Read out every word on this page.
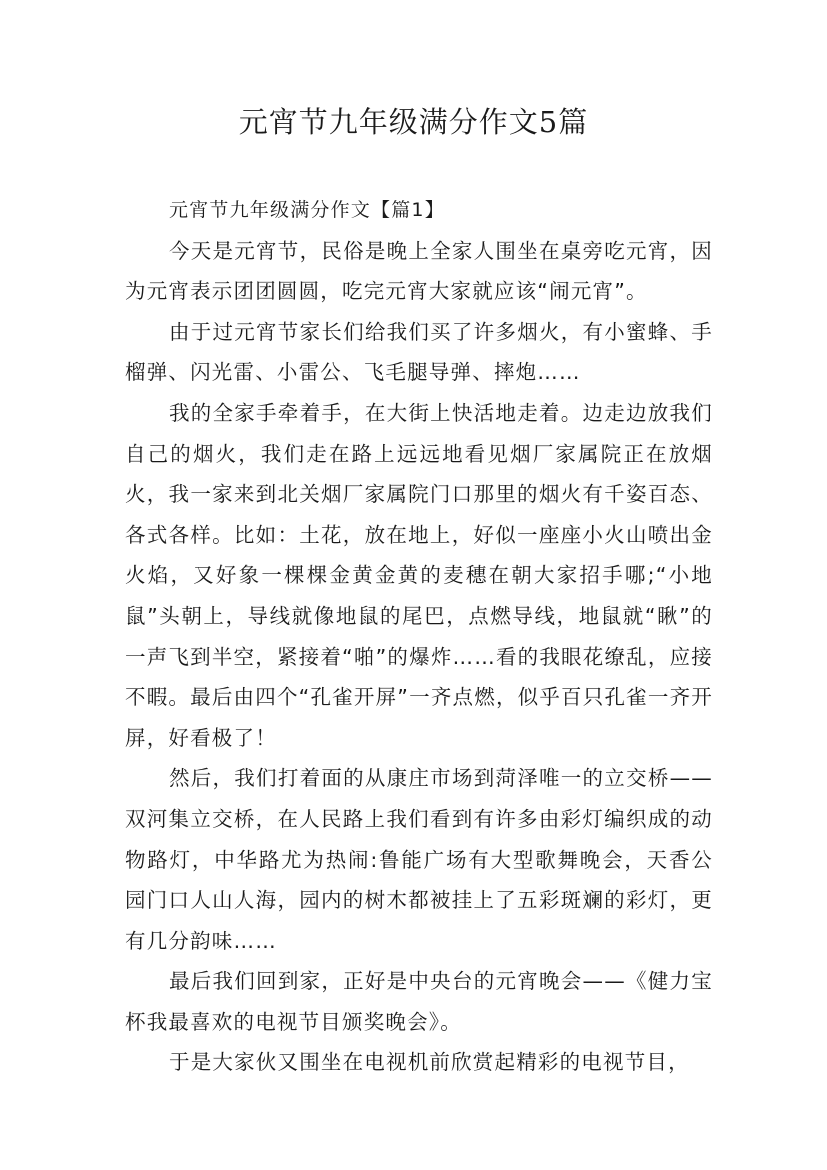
元宵节九年级满分作文5篇
元宵节九年级满分作文【篇1】

今天是元宵节，民俗是晚上全家人围坐在桌旁吃元宵，因为元宵表示团团圆圆，吃完元宵大家就应该“闹元宵”。

由于过元宵节家长们给我们买了许多烟火，有小蜜蜂、手榴弹、闪光雷、小雷公、飞毛腿导弹、摔炮……

我的全家手牵着手，在大街上快活地走着。边走边放我们自己的烟火，我们走在路上远远地看见烟厂家属院正在放烟火，我一家来到北关烟厂家属院门口那里的烟火有千姿百态、各式各样。比如：土花，放在地上，好似一座座小火山喷出金火焰，又好象一棵棵金黄金黄的麦穗在朝大家招手哪;“小地鼠”头朝上，导线就像地鼠的尾巴，点燃导线，地鼠就“瞅”的一声飞到半空，紧接着“啪”的爆炸……看的我眼花缭乱，应接不暇。最后由四个“孔雀开屏”一齐点燃，似乎百只孔雀一齐开屏，好看极了！

然后，我们打着面的从康庄市场到菏泽唯一的立交桥——双河集立交桥，在人民路上我们看到有许多由彩灯编织成的动物路灯，中华路尤为热闹:鲁能广场有大型歌舞晚会，天香公园门口人山人海，园内的树木都被挂上了五彩斑斓的彩灯，更有几分韵味……

最后我们回到家，正好是中央台的元宵晚会——《健力宝杯我最喜欢的电视节目颁奖晚会》。

于是大家伙又围坐在电视机前欣赏起精彩的电视节目，
